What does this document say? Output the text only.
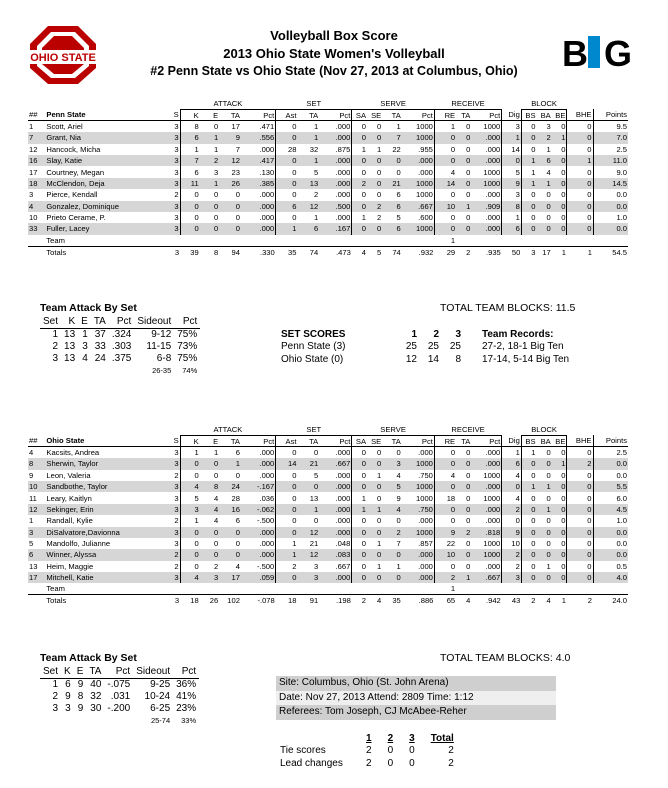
OHIO STATE	B G
Volleyball Box Score
2013 Ohio State Women's Volleyball
#2 Penn State vs Ohio State (Nov 27, 2013 at Columbus, Ohio)
			ATTACK				SET			SERVE				RECEIVE				BLOCK				
##	Penn State	S	K	E	TA	Pct	Ast	TA	Pct	SA	SE	TA	Pct	RE	TA	Pct	Dig	BS	BA	BE	BHE	Points
1	Scott, Ariel	3	8	0	17	.471	0	1	.000	0	0	1	1000	1	0	1000	3	0	3	0	0	9.5
7	Grant, Nia	3	6	1	9	.556	0	1	.000	0	0	7	1000	0	0	.000	1	0	2	1	0	7.0
12	Hancock, Micha	3	1	1	7	.000	28	32	.875	1	1	22	.955	0	0	.000	14	0	1	0	0	2.5
16	Slay, Katie	3	7	2	12	.417	0	1	.000	0	0	0	.000	0	0	.000	0	1	6	0	1	11.0
17	Courtney, Megan	3	6	3	23	.130	0	5	.000	0	0	0	.000	4	0	1000	5	1	4	0	0	9.0
18	McClendon, Deja	3	11	1	26	.385	0	13	.000	2	0	21	1000	14	0	1000	9	1	1	0	0	14.5
3	Pierce, Kendall	2	0	0	0	.000	0	2	.000	0	0	6	1000	0	0	.000	3	0	0	0	0	0.0
4	Gonzalez, Dominique	3	0	0	0	.000	6	12	.500	0	2	6	.667	10	1	.909	8	0	0	0	0	0.0
10	Prieto Cerame, P.	3	0	0	0	.000	0	1	.000	1	2	5	.600	0	0	.000	1	0	0	0	0	1.0
33	Fuller, Lacey	3	0	0	0	.000	1	6	.167	0	0	6	1000	0	0	.000	6	0	0	0	0	0.0
	Team													1								
	Totals	3	39	8	94	.330	35	74	.473	4	5	74	.932	29	2	.935	50	3	17	1	1	54.5
Team Attack By Set
Set	K	E	TA	Pct	Sideout	Pct
1	13	1	37	.324	9-12	75%
2	13	3	33	.303	11-15	73%
3	13	4	24	.375	6-8	75%
					26-35	74%
TOTAL TEAM BLOCKS: 11.5
SET SCORES	1	2	3	Team Records:
Penn State (3)	25	25	25	27-2, 18-1 Big Ten
Ohio State (0)	12	14	8	17-14, 5-14 Big Ten
			ATTACK				SET			SERVE				RECEIVE				BLOCK				
##	Ohio State	S	K	E	TA	Pct	Ast	TA	Pct	SA	SE	TA	Pct	RE	TA	Pct	Dig	BS	BA	BE	BHE	Points
4	Kacsits, Andrea	3	1	1	6	.000	0	0	.000	0	0	0	.000	0	0	.000	1	1	0	0	0	2.5
8	Sherwin, Taylor	3	0	0	1	.000	14	21	.667	0	0	3	1000	0	0	.000	6	0	0	1	2	0.0
9	Leon, Valeria	2	0	0	0	.000	0	5	.000	0	1	4	.750	4	0	1000	4	0	0	0	0	0.0
10	Sandbothe, Taylor	3	4	8	24	-.167	0	0	.000	0	0	5	1000	0	0	.000	0	1	1	0	0	5.5
11	Leary, Kaitlyn	3	5	4	28	.036	0	13	.000	1	0	9	1000	18	0	1000	4	0	0	0	0	6.0
12	Sekinger, Erin	3	3	4	16	-.062	0	1	.000	1	1	4	.750	0	0	.000	2	0	1	0	0	4.5
1	Randall, Kylie	2	1	4	6	-.500	0	0	.000	0	0	0	.000	0	0	.000	0	0	0	0	0	1.0
3	DiSalvatore,Davionna	3	0	0	0	.000	0	12	.000	0	0	2	1000	9	2	.818	9	0	0	0	0	0.0
5	Mandolfo, Julianne	3	0	0	0	.000	1	21	.048	0	1	7	.857	22	0	1000	10	0	0	0	0	0.0
6	Winner, Alyssa	2	0	0	0	.000	1	12	.083	0	0	0	.000	10	0	1000	2	0	0	0	0	0.0
13	Heim, Maggie	2	0	2	4	-.500	2	3	.667	0	1	1	.000	0	0	.000	2	0	1	0	0	0.5
17	Mitchell, Katie	3	4	3	17	.059	0	3	.000	0	0	0	.000	2	1	.667	3	0	0	0	0	4.0
	Team													1								
	Totals	3	18	26	102	-.078	18	91	.198	2	4	35	.886	65	4	.942	43	2	4	1	2	24.0
Team Attack By Set
Set	K	E	TA	Pct	Sideout	Pct
1	6	9	40	-.075	9-25	36%
2	9	8	32	.031	10-24	41%
3	3	9	30	-.200	6-25	23%
					25-74	33%
TOTAL TEAM BLOCKS: 4.0
Site: Columbus, Ohio (St. John Arena)
Date: Nov 27, 2013 Attend: 2809 Time: 1:12
Referees: Tom Joseph, CJ McAbee-Reher
	1	2	3	Total
Tie scores	2	0	0	2
Lead changes	2	0	0	2
